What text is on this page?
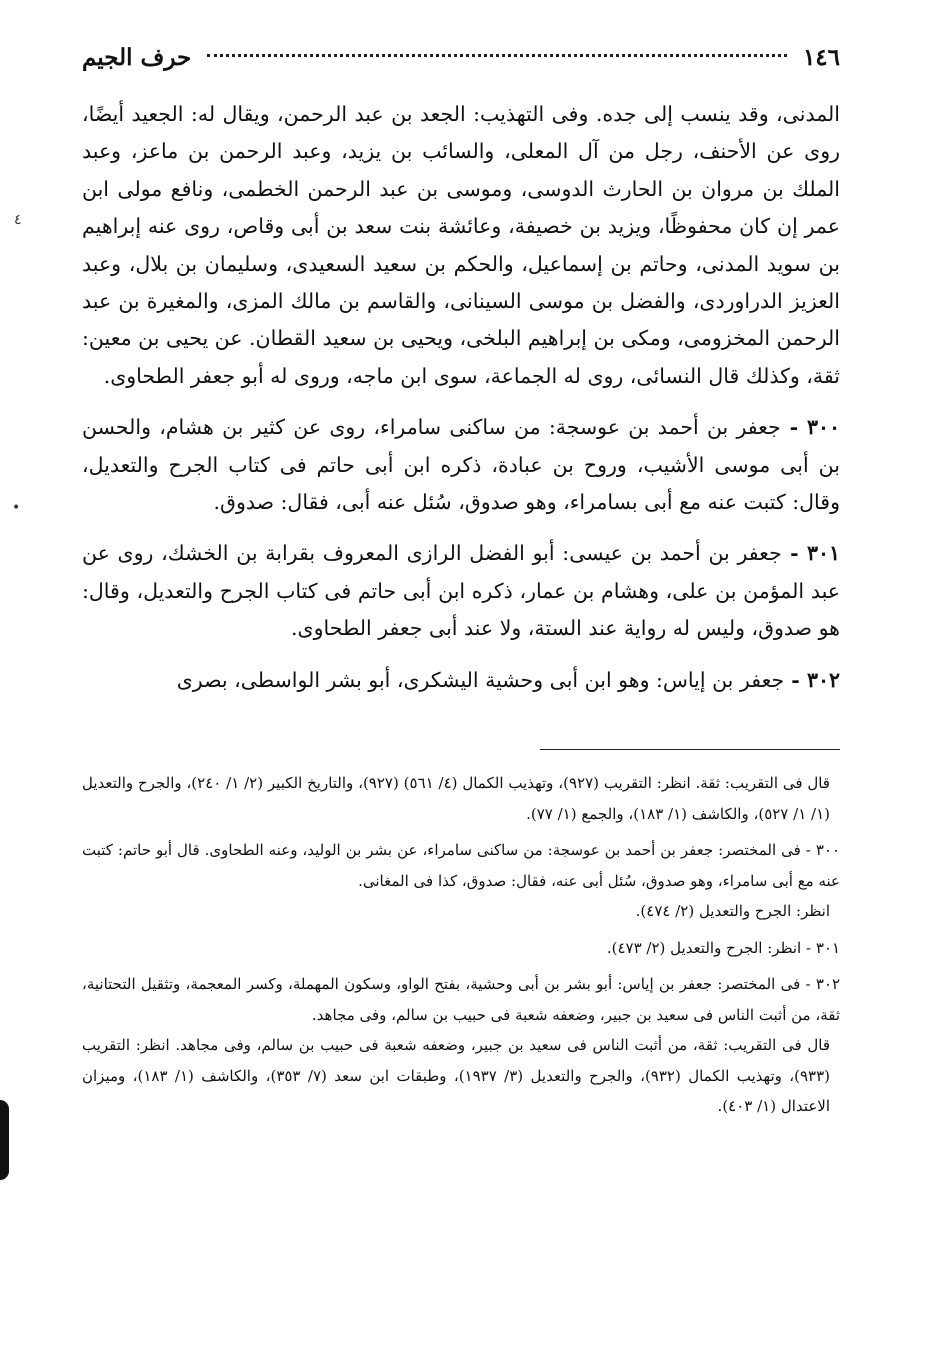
٤
•
١٤٦
حرف الجيم

المدنى، وقد ينسب إلى جده. وفى التهذيب: الجعد بن عبد الرحمن، ويقال له: الجعيد أيضًا، روى عن الأحنف، رجل من آل المعلى، والسائب بن يزيد، وعبد الرحمن بن ماعز، وعبد الملك بن مروان بن الحارث الدوسى، وموسى بن عبد الرحمن الخطمى، ونافع مولى ابن عمر إن كان محفوظًا، ويزيد بن خصيفة، وعائشة بنت سعد بن أبى وقاص، روى عنه إبراهيم بن سويد المدنى، وحاتم بن إسماعيل، والحكم بن سعيد السعيدى، وسليمان بن بلال، وعبد العزيز الدراوردى، والفضل بن موسى السينانى، والقاسم بن مالك المزى، والمغيرة بن عبد الرحمن المخزومى، ومكى بن إبراهيم البلخى، ويحيى بن سعيد القطان. عن يحيى بن معين: ثقة، وكذلك قال النسائى، روى له الجماعة، سوى ابن ماجه، وروى له أبو جعفر الطحاوى.

٣٠٠ - جعفر بن أحمد بن عوسجة: من ساكنى سامراء، روى عن كثير بن هشام، والحسن بن أبى موسى الأشيب، وروح بن عبادة، ذكره ابن أبى حاتم فى كتاب الجرح والتعديل، وقال: كتبت عنه مع أبى بسامراء، وهو صدوق، سُئل عنه أبى، فقال: صدوق.

٣٠١ - جعفر بن أحمد بن عيسى: أبو الفضل الرازى المعروف بقرابة بن الخشك، روى عن عبد المؤمن بن على، وهشام بن عمار، ذكره ابن أبى حاتم فى كتاب الجرح والتعديل، وقال: هو صدوق، وليس له رواية عند الستة، ولا عند أبى جعفر الطحاوى.

٣٠٢ - جعفر بن إياس: وهو ابن أبى وحشية اليشكرى، أبو بشر الواسطى، بصرى

قال فى التقريب: ثقة. انظر: التقريب (٩٢٧)، وتهذيب الكمال (٤/ ٥٦١) (٩٢٧)، والتاريخ الكبير (٢/ ١/ ٢٤٠)، والجرح والتعديل (١/ ١/ ٥٢٧)، والكاشف (١/ ١٨٣)، والجمع (١/ ٧٧).

٣٠٠ - فى المختصر: جعفر بن أحمد بن عوسجة: من ساكنى سامراء، عن بشر بن الوليد، وعنه الطحاوى. قال أبو حاتم: كتبت عنه مع أبى سامراء، وهو صدوق، سُئل أبى عنه، فقال: صدوق، كذا فى المغانى.

انظر: الجرح والتعديل (٢/ ٤٧٤).

٣٠١ - انظر: الجرح والتعديل (٢/ ٤٧٣).

٣٠٢ - فى المختصر: جعفر بن إياس: أبو بشر بن أبى وحشية، بفتح الواو، وسكون المهملة، وكسر المعجمة، وتثقيل التحتانية، ثقة، من أثبت الناس فى سعيد بن جبير، وضعفه شعبة فى حبيب بن سالم، وفى مجاهد.

قال فى التقريب: ثقة، من أثبت الناس فى سعيد بن جبير، وضعفه شعبة فى حبيب بن سالم، وفى مجاهد. انظر: التقريب (٩٣٣)، وتهذيب الكمال (٩٣٢)، والجرح والتعديل (٣/ ١٩٣٧)، وطبقات ابن سعد (٧/ ٣٥٣)، والكاشف (١/ ١٨٣)، وميزان الاعتدال (١/ ٤٠٣).
